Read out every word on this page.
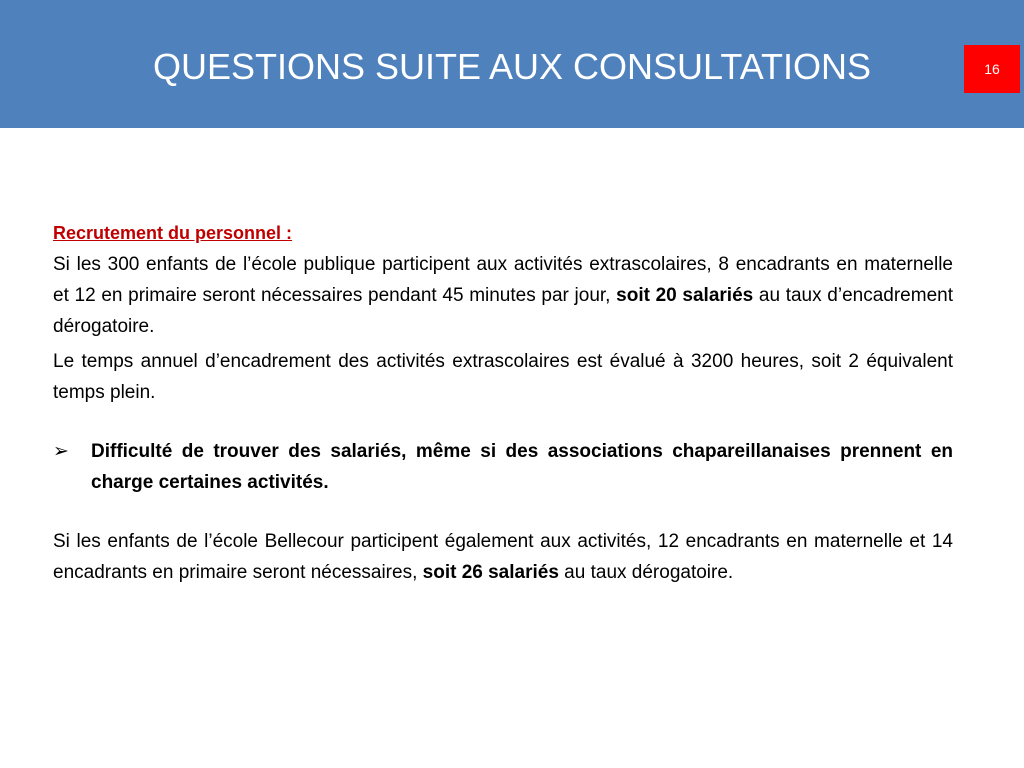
QUESTIONS SUITE AUX CONSULTATIONS	16
Recrutement du personnel :

Si les 300 enfants de l’école publique participent aux activités extrascolaires, 8 encadrants en maternelle et 12 en primaire seront nécessaires pendant 45 minutes par jour, soit 20 salariés au taux d’encadrement dérogatoire.

Le temps annuel d’encadrement des activités extrascolaires est évalué à 3200 heures, soit 2 équivalent temps plein.

➢	Difficulté de trouver des salariés, même si des associations chapareillanaises prennent en charge certaines activités.

Si les enfants de l’école Bellecour participent également aux activités, 12 encadrants en maternelle et 14 encadrants en primaire seront nécessaires, soit 26 salariés au taux dérogatoire.
